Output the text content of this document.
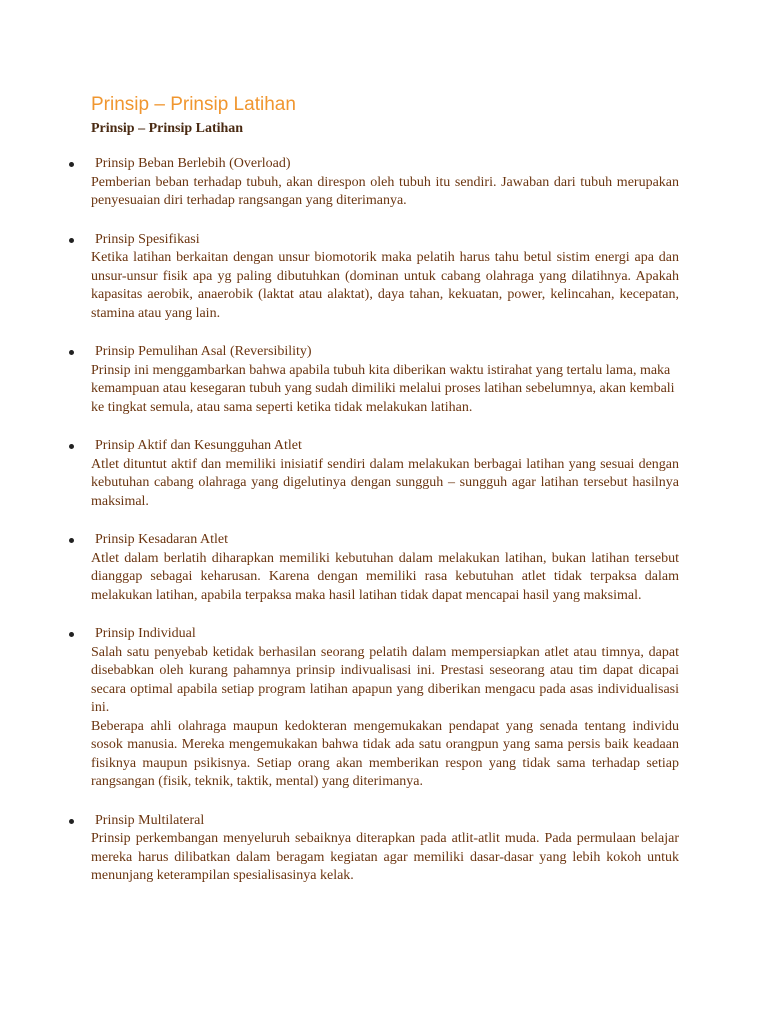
Prinsip – Prinsip Latihan
Prinsip – Prinsip Latihan
Prinsip Beban Berlebih (Overload)

Pemberian beban terhadap tubuh, akan direspon oleh tubuh itu sendiri. Jawaban dari tubuh merupakan penyesuaian diri terhadap rangsangan yang diterimanya.

Prinsip Spesifikasi

Ketika latihan berkaitan dengan unsur biomotorik maka pelatih harus tahu betul sistim energi apa dan unsur-unsur fisik apa yg paling dibutuhkan (dominan untuk cabang olahraga yang dilatihnya. Apakah kapasitas aerobik, anaerobik (laktat atau alaktat), daya tahan, kekuatan, power, kelincahan, kecepatan, stamina atau yang lain.

Prinsip Pemulihan Asal (Reversibility)

Prinsip ini menggambarkan bahwa apabila tubuh kita diberikan waktu istirahat yang tertalu lama, maka kemampuan atau kesegaran tubuh yang sudah dimiliki melalui proses latihan sebelumnya, akan kembali ke tingkat semula, atau sama seperti ketika tidak melakukan latihan.

Prinsip Aktif dan Kesungguhan Atlet

Atlet dituntut aktif dan memiliki inisiatif sendiri dalam melakukan berbagai latihan yang sesuai dengan kebutuhan cabang olahraga yang digelutinya dengan sungguh – sungguh agar latihan tersebut hasilnya maksimal.

Prinsip Kesadaran Atlet

Atlet dalam berlatih diharapkan memiliki kebutuhan dalam melakukan latihan, bukan latihan tersebut dianggap sebagai keharusan. Karena dengan memiliki rasa kebutuhan atlet tidak terpaksa dalam melakukan latihan, apabila terpaksa maka hasil latihan tidak dapat mencapai hasil yang maksimal.

Prinsip Individual

Salah satu penyebab ketidak berhasilan seorang pelatih dalam mempersiapkan atlet atau timnya, dapat disebabkan oleh kurang pahamnya prinsip indivualisasi ini. Prestasi seseorang atau tim dapat dicapai secara optimal apabila setiap program latihan apapun yang diberikan mengacu pada asas individualisasi ini.

Beberapa ahli olahraga maupun kedokteran mengemukakan pendapat yang senada tentang individu sosok manusia. Mereka mengemukakan bahwa tidak ada satu orangpun yang sama persis baik keadaan fisiknya maupun psikisnya. Setiap orang akan memberikan respon yang tidak sama terhadap setiap rangsangan (fisik, teknik, taktik, mental) yang diterimanya.

Prinsip Multilateral

Prinsip perkembangan menyeluruh sebaiknya diterapkan pada atlit-atlit muda. Pada permulaan belajar mereka harus dilibatkan dalam beragam kegiatan agar memiliki dasar-dasar yang lebih kokoh untuk menunjang keterampilan spesialisasinya kelak.
